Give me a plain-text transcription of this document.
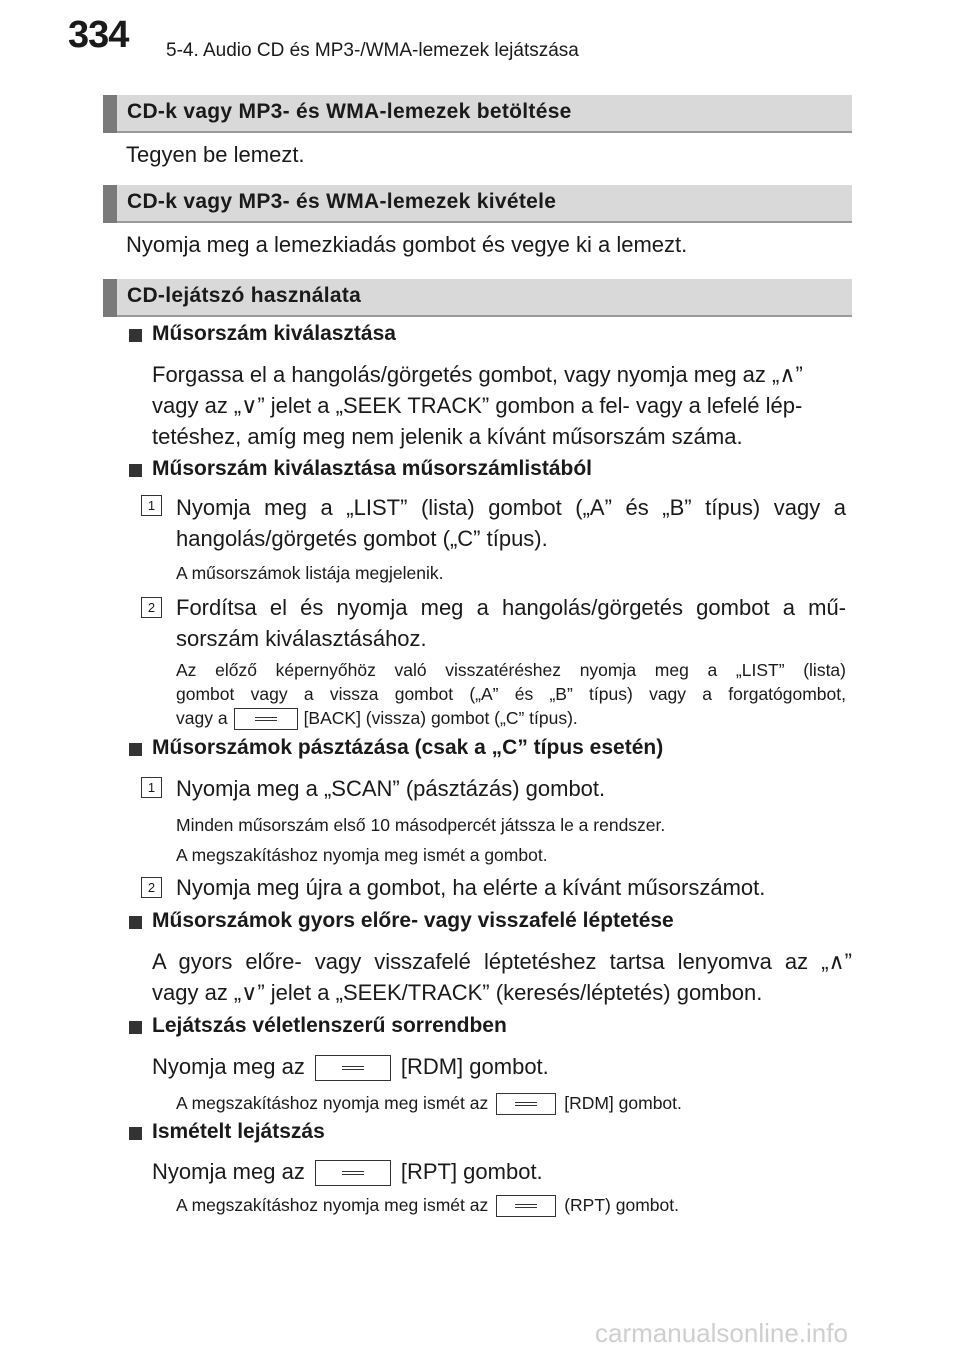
334 5-4. Audio CD és MP3-/WMA-lemezek lejátszása
CD-k vagy MP3- és WMA-lemezek betöltése
Tegyen be lemezt.
CD-k vagy MP3- és WMA-lemezek kivétele
Nyomja meg a lemezkiadás gombot és vegye ki a lemezt.
CD-lejátszó használata
Műsorszám kiválasztása
Forgassa el a hangolás/görgetés gombot, vagy nyomja meg az „∧”
vagy az „∨” jelet a „SEEK TRACK” gombon a fel- vagy a lefelé lép-
tetéshez, amíg meg nem jelenik a kívánt műsorszám száma.
Műsorszám kiválasztása műsorszámlistából
1 Nyomja meg a „LIST” (lista) gombot („A” és „B” típus) vagy a
hangolás/görgetés gombot („C” típus).
A műsorszámok listája megjelenik.
2 Fordítsa el és nyomja meg a hangolás/görgetés gombot a mű-
sorszám kiválasztásához.
Az előző képernyőhöz való visszatéréshez nyomja meg a „LIST” (lista)
gombot vagy a vissza gombot („A” és „B” típus) vagy a forgatógombot,
vagy a	[BACK] (vissza) gombot („C” típus).
Műsorszámok pásztázása (csak a „C” típus esetén)
1 Nyomja meg a „SCAN” (pásztázás) gombot.
Minden műsorszám első 10 másodpercét játssza le a rendszer.
A megszakításhoz nyomja meg ismét a gombot.
2 Nyomja meg újra a gombot, ha elérte a kívánt műsorszámot.
Műsorszámok gyors előre- vagy visszafelé léptetése
A gyors előre- vagy visszafelé léptetéshez tartsa lenyomva az „∧”
vagy az „∨” jelet a „SEEK/TRACK” (keresés/léptetés) gombon.
Lejátszás véletlenszerű sorrendben
Nyomja meg az	[RDM] gombot.
A megszakításhoz nyomja meg ismét az	[RDM] gombot.
Ismételt lejátszás
Nyomja meg az	[RPT] gombot.
A megszakításhoz nyomja meg ismét az	(RPT) gombot.
carmanualsonline.info
